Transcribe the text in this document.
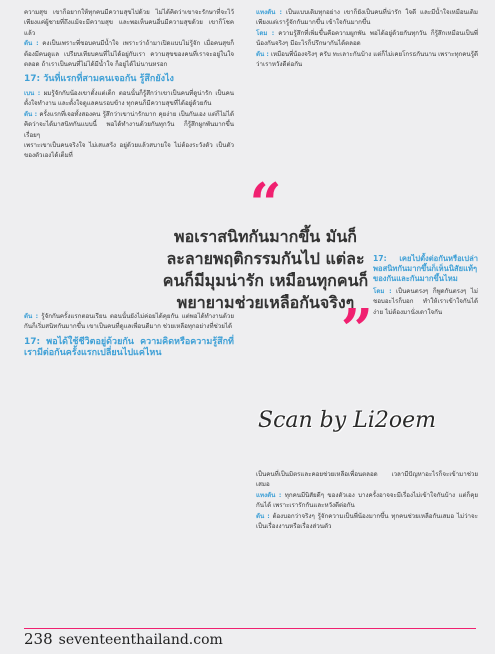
ความสุข เขาก็อยากให้ทุกคนมีความสุขไปด้วย ไม่ได้คิดว่าเขาจะรักษาที่จะไว้เพียงแค่ผู้ชายที่ถึงแม้จะมีความสุข และพอเห็นคนอื่นมีความสุขด้วย เขาก็โชคแล้ว

ตัน : คงเป็นเพราะพี่ชอบคนมีน้ำใจ เพราะว่าถ้ามาเปิดแบบไม่รู้จัก เมื่อคนสุขก็ต้องมีคนดูแล เปรียบเทียบคนที่ไม่ได้อยู่กับเรา ความสุขของคนที่เราจะอยู่ในใจตลอด ถ้าเราเป็นคนที่ไม่ได้มีน้ำใจ ก็อยู่ได้ไม่นานหรอก

17: วันที่แรกที่สามคนเจอกัน รู้สึกยังไง

เบน : ผมรู้จักกับน้องเขาตั้งแต่เด็ก ตอนนั้นก็รู้สึกว่าเขาเป็นคนที่ดูน่ารัก เป็นคนตั้งใจทำงาน และตั้งใจดูแลคนรอบข้าง ทุกคนก็มีความสุขที่ได้อยู่ด้วยกัน

ตัน : ครั้งแรกที่เจอทั้งสองคน รู้สึกว่าเขาน่ารักมาก คุยง่าย เป็นกันเอง แต่ก็ไม่ได้คิดว่าจะได้มาสนิทกันแบบนี้ พอได้ทำงานด้วยกันทุกวัน ก็รู้สึกผูกพันมากขึ้นเรื่อยๆ

เพราะเขาเป็นคนจริงใจ ไม่เสแสร้ง อยู่ด้วยแล้วสบายใจ ไม่ต้องระวังตัว เป็นตัวของตัวเองได้เต็มที่

ตัน : รู้จักกันครั้งแรกตอนเรียน ตอนนั้นยังไม่ค่อยได้คุยกัน แต่พอได้ทำงานด้วยกันก็เริ่มสนิทกันมากขึ้น เขาเป็นคนที่ดูแลเพื่อนดีมาก ช่วยเหลือทุกอย่างที่ช่วยได้

17: พอได้ใช้ชีวิตอยู่ด้วยกัน ความคิดหรือความรู้สึกที่เรามีต่อกันครั้งแรกเปลี่ยนไปแค่ไหน

แทงตัน : เป็นแบบเดิมทุกอย่าง เขาก็ยังเป็นคนที่น่ารัก ใจดี และมีน้ำใจเหมือนเดิม เพียงแต่เรารู้จักกันมากขึ้น เข้าใจกันมากขึ้น

โดม : ความรู้สึกที่เพิ่มขึ้นคือความผูกพัน พอได้อยู่ด้วยกันทุกวัน ก็รู้สึกเหมือนเป็นพี่น้องกันจริงๆ มีอะไรก็ปรึกษากันได้ตลอด

ตัน : เหมือนพี่น้องจริงๆ ครับ ทะเลาะกันบ้าง แต่ก็ไม่เคยโกรธกันนาน เพราะทุกคนรู้ดีว่าเราหวังดีต่อกัน

17: เคยไปตั้งต่อกันหรือเปล่า พอสนิทกันมากขึ้นก็เห็นนิสัยแท้ๆ ของกันและกันมากขึ้นไหม

โดม : เป็นคนตรงๆ ก็พูดกันตรงๆ ไม่ชอบอะไรก็บอก ทำให้เราเข้าใจกันได้ง่าย ไม่ต้องมานั่งเดาใจกัน

เป็นคนที่เป็นมิตรและคอยช่วยเหลือเพื่อนตลอด เวลามีปัญหาอะไรก็จะเข้ามาช่วยเสมอ

แทงตัน : ทุกคนมีนิสัยดีๆ ของตัวเอง บางครั้งอาจจะมีเรื่องไม่เข้าใจกันบ้าง แต่ก็คุยกันได้ เพราะเรารักกันและหวังดีต่อกัน

ตัน : ต้องบอกว่าจริงๆ รู้จักความเป็นพี่น้องมากขึ้น ทุกคนช่วยเหลือกันเสมอ ไม่ว่าจะเป็นเรื่องงานหรือเรื่องส่วนตัว

“
พอเราสนิทกันมากขึ้น มันก็ละลายพฤติกรรมกันไป แต่ละคนก็มีมุมน่ารัก เหมือนทุกคนก็พยายามช่วยเหลือกันจริงๆ
”
Scan by Li2oem
238 seventeenthailand.com
